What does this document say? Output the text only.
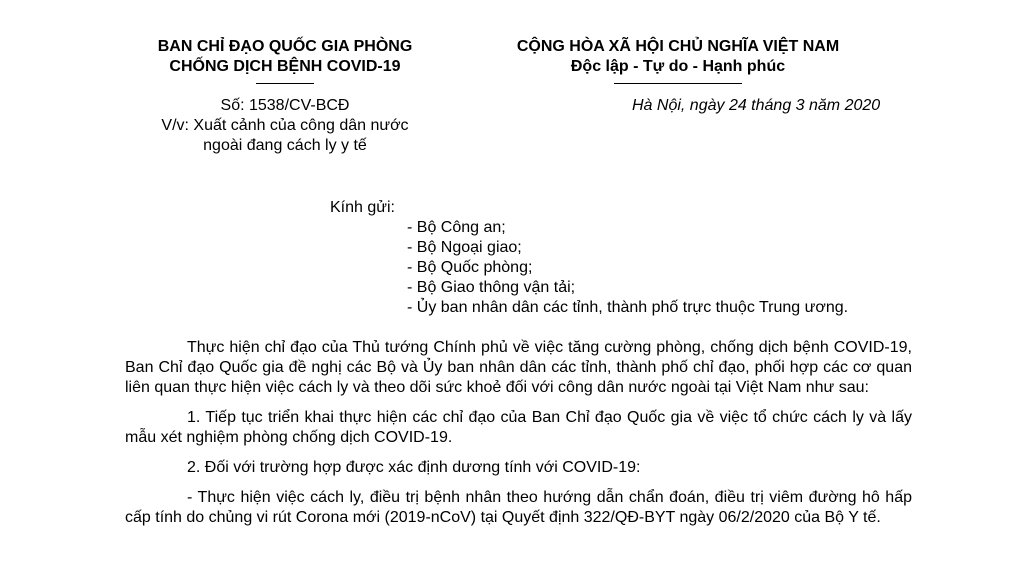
BAN CHỈ ĐẠO QUỐC GIA PHÒNG
CHỐNG DỊCH BỆNH COVID-19
CỘNG HÒA XÃ HỘI CHỦ NGHĨA VIỆT NAM
Độc lập - Tự do - Hạnh phúc
Số: 1538/CV-BCĐ
V/v: Xuất cảnh của công dân nước
ngoài đang cách ly y tế
Hà Nội, ngày 24 tháng 3 năm 2020
Kính gửi:
- Bộ Công an;
- Bộ Ngoại giao;
- Bộ Quốc phòng;
- Bộ Giao thông vận tải;
- Ủy ban nhân dân các tỉnh, thành phố trực thuộc Trung ương.

Thực hiện chỉ đạo của Thủ tướng Chính phủ về việc tăng cường phòng, chống dịch bệnh COVID-19, Ban Chỉ đạo Quốc gia đề nghị các Bộ và Ủy ban nhân dân các tỉnh, thành phố chỉ đạo, phối hợp các cơ quan liên quan thực hiện việc cách ly và theo dõi sức khoẻ đối với công dân nước ngoài tại Việt Nam như sau:

1. Tiếp tục triển khai thực hiện các chỉ đạo của Ban Chỉ đạo Quốc gia về việc tổ chức cách ly và lấy mẫu xét nghiệm phòng chống dịch COVID-19.

2. Đối với trường hợp được xác định dương tính với COVID-19:

- Thực hiện việc cách ly, điều trị bệnh nhân theo hướng dẫn chẩn đoán, điều trị viêm đường hô hấp cấp tính do chủng vi rút Corona mới (2019-nCoV) tại Quyết định 322/QĐ-BYT ngày 06/2/2020 của Bộ Y tế.
